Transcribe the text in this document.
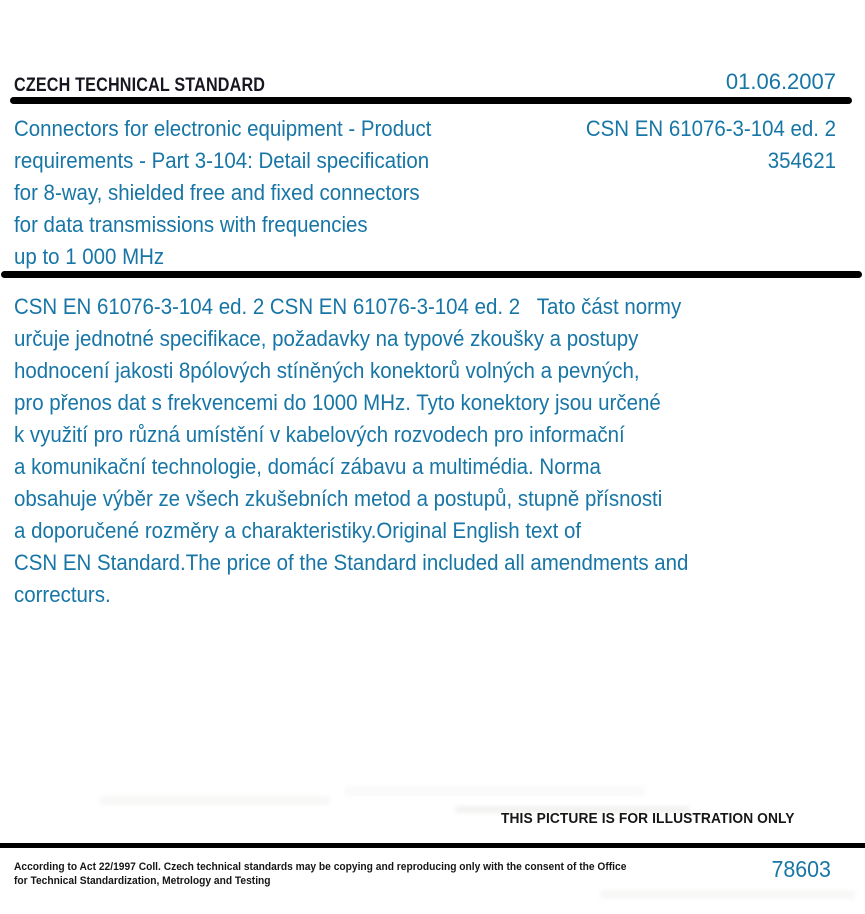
CZECH TECHNICAL STANDARD	01.06.2007
Connectors for electronic equipment - Product
requirements - Part 3-104: Detail specification
for 8-way, shielded free and fixed connectors
for data transmissions with frequencies
up to 1 000 MHz
CSN EN 61076-3-104 ed. 2
354621
CSN EN 61076-3-104 ed. 2 CSN EN 61076-3-104 ed. 2   Tato část normy
určuje jednotné specifikace, požadavky na typové zkoušky a postupy
hodnocení jakosti 8pólových stíněných konektorů volných a pevných,
pro přenos dat s frekvencemi do 1000 MHz. Tyto konektory jsou určené
k využití pro různá umístění v kabelových rozvodech pro informační
a komunikační technologie, domácí zábavu a multimédia. Norma
obsahuje výběr ze všech zkušebních metod a postupů, stupně přísnosti
a doporučené rozměry a charakteristiky.Original English text of
CSN EN Standard.The price of the Standard included all amendments and
correcturs.
THIS PICTURE IS FOR ILLUSTRATION ONLY
According to Act 22/1997 Coll. Czech technical standards may be copying and reproducing only with the consent of the Office
for Technical Standardization, Metrology and Testing	78603
